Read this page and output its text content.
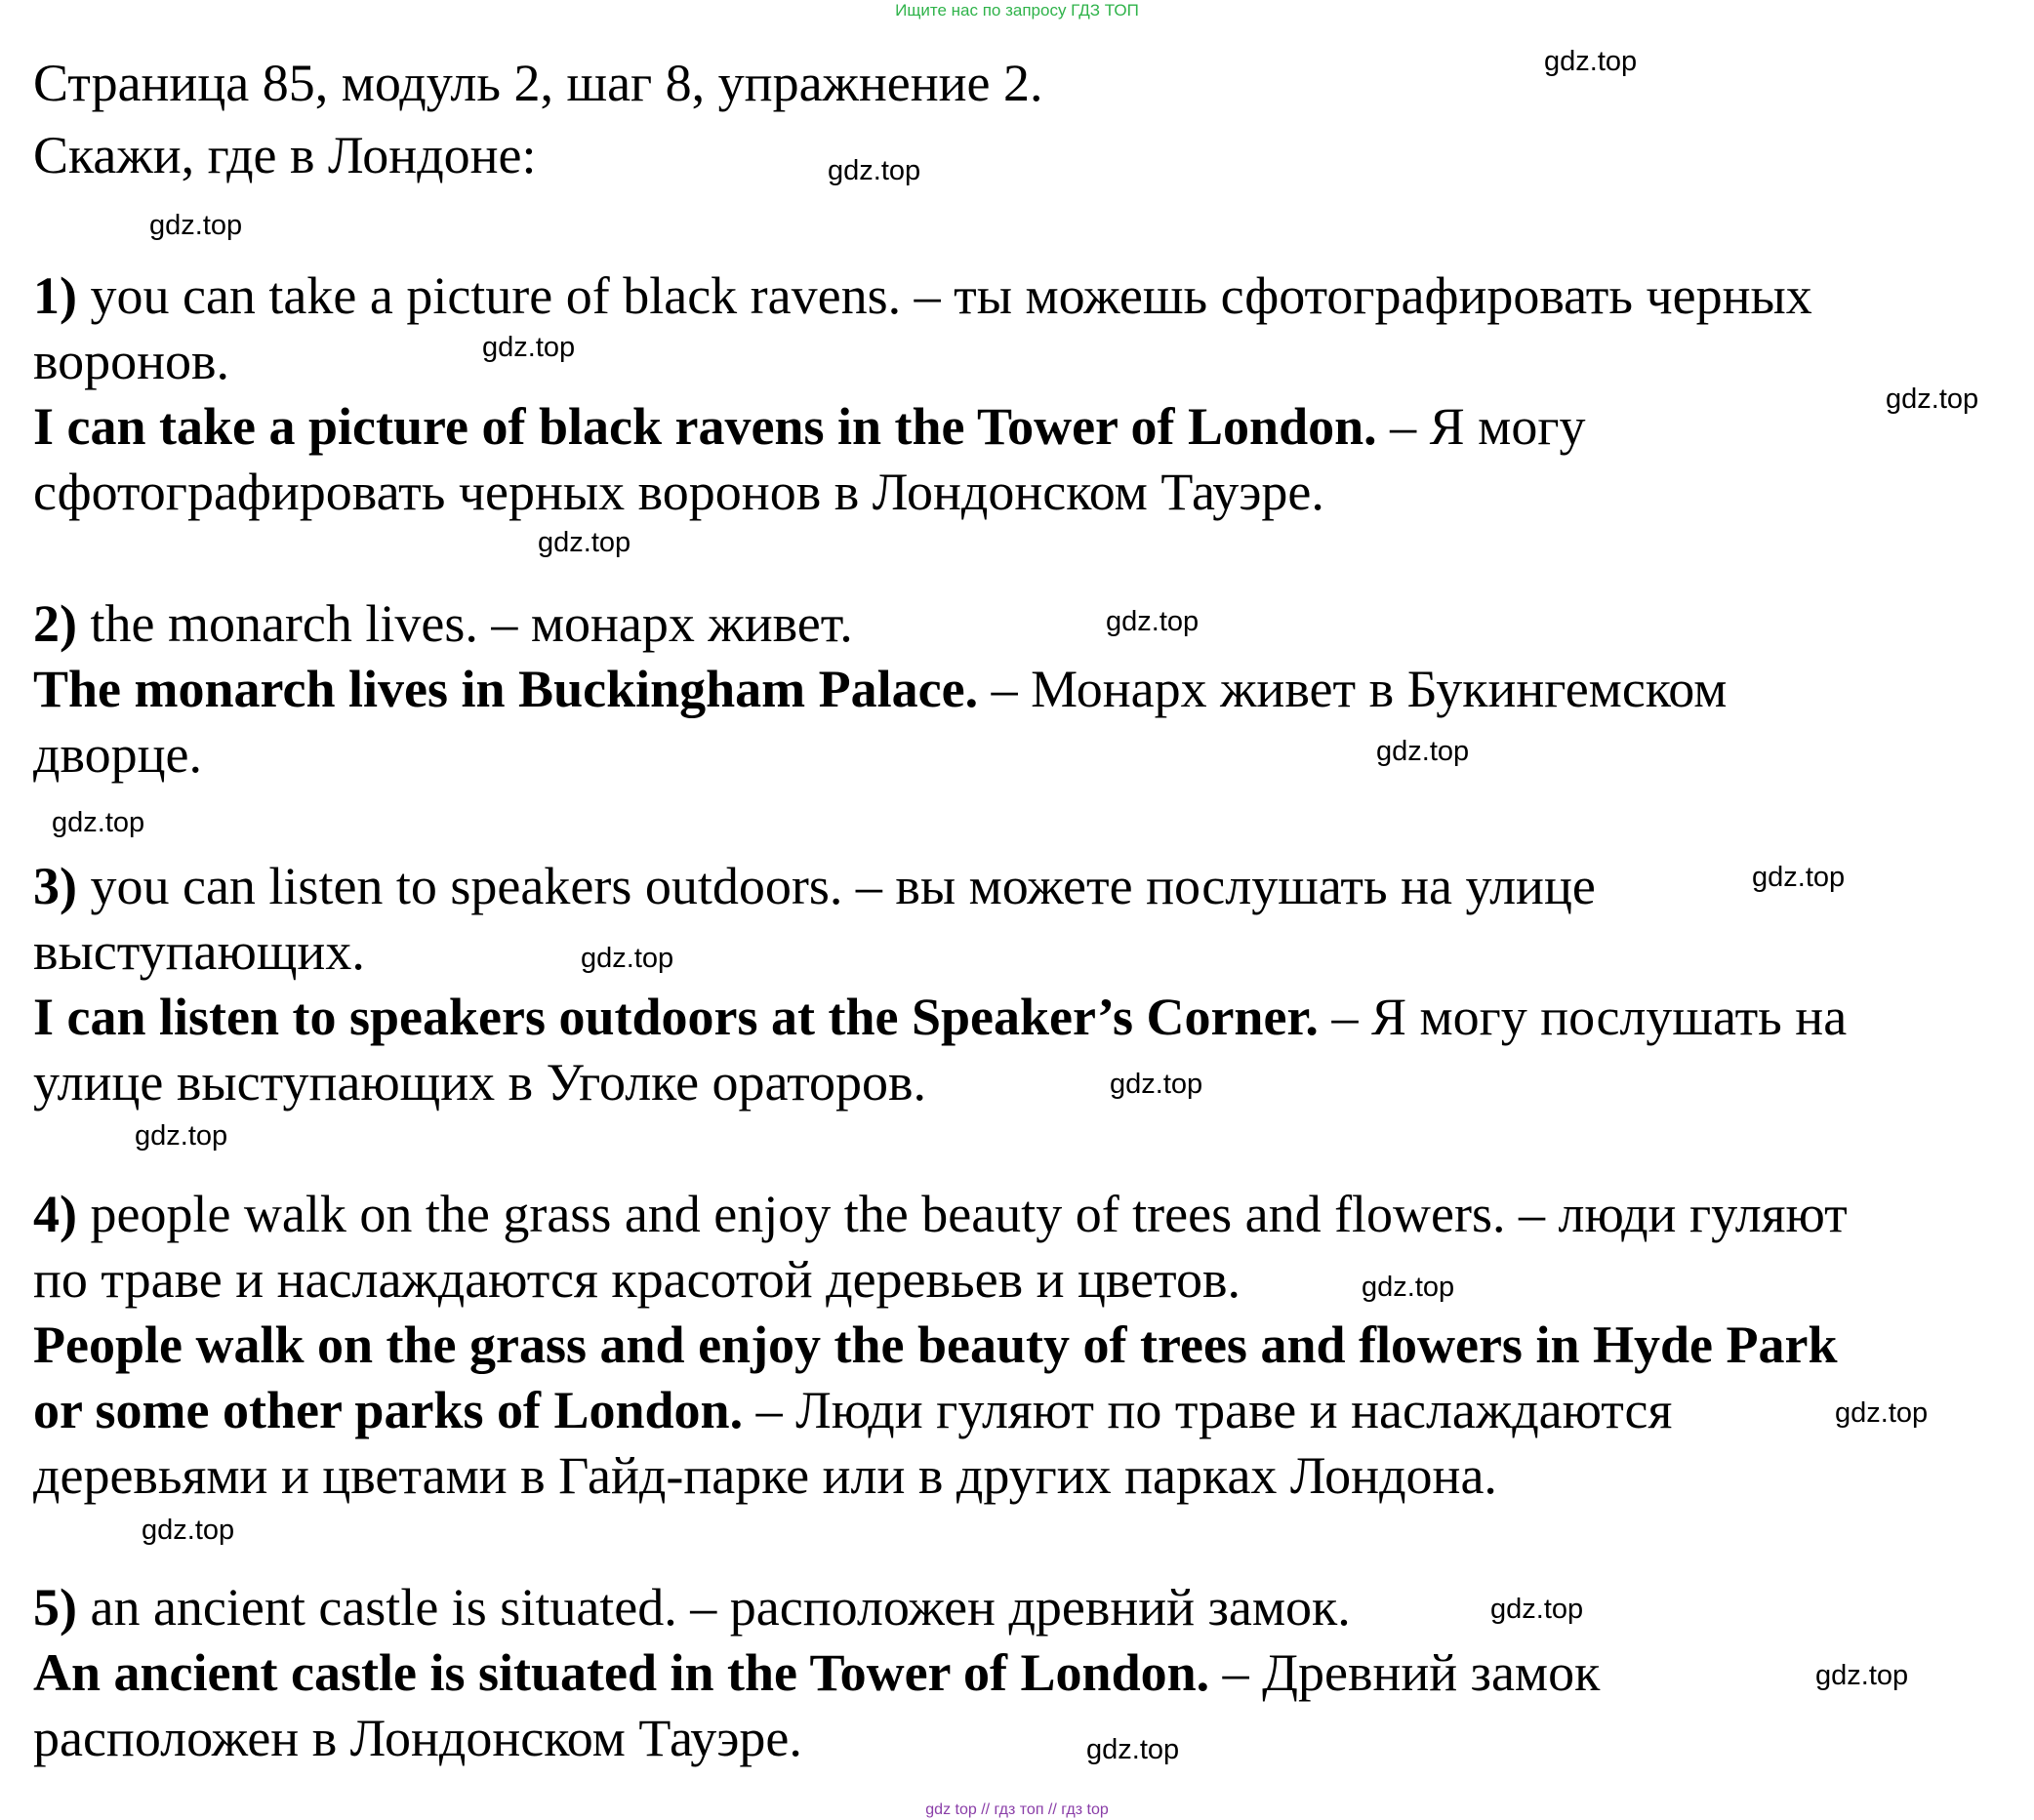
Ищите нас по запросу ГДЗ ТОП
Страница 85, модуль 2, шаг 8, упражнение 2.
Скажи, где в Лондоне:
1) you can take a picture of black ravens. – ты можешь сфотографировать черных
воронов.
I can take a picture of black ravens in the Tower of London. – Я могу
сфотографировать черных воронов в Лондонском Тауэре.
2) the monarch lives. – монарх живет.
The monarch lives in Buckingham Palace. – Монарх живет в Букингемском
дворце.
3) you can listen to speakers outdoors. – вы можете послушать на улице
выступающих.
I can listen to speakers outdoors at the Speaker’s Corner. – Я могу послушать на
улице выступающих в Уголке ораторов.
4) people walk on the grass and enjoy the beauty of trees and flowers. – люди гуляют
по траве и наслаждаются красотой деревьев и цветов.
People walk on the grass and enjoy the beauty of trees and flowers in Hyde Park
or some other parks of London. – Люди гуляют по траве и наслаждаются
деревьями и цветами в Гайд-парке или в других парках Лондона.
5) an ancient castle is situated. – расположен древний замок.
An ancient castle is situated in the Tower of London. – Древний замок
расположен в Лондонском Тауэре.
gdz.top
gdz.top
gdz.top
gdz.top
gdz.top
gdz.top
gdz.top
gdz.top
gdz.top
gdz.top
gdz.top
gdz.top
gdz.top
gdz.top
gdz.top
gdz.top
gdz.top
gdz.top
gdz.top
gdz top // гдз топ // гдз top
